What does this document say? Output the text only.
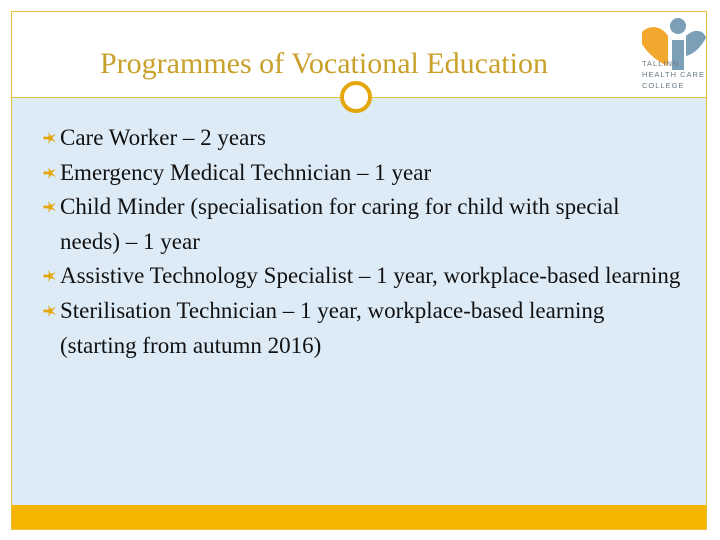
Programmes of Vocational Education	TALLINN
HEALTH CARE
COLLEGE
Care Worker – 2 years
Emergency Medical Technician – 1 year
Child Minder (specialisation for caring for child with special needs) – 1 year
Assistive Technology Specialist – 1 year, workplace-based learning
Sterilisation Technician – 1 year, workplace-based learning (starting from autumn 2016)
